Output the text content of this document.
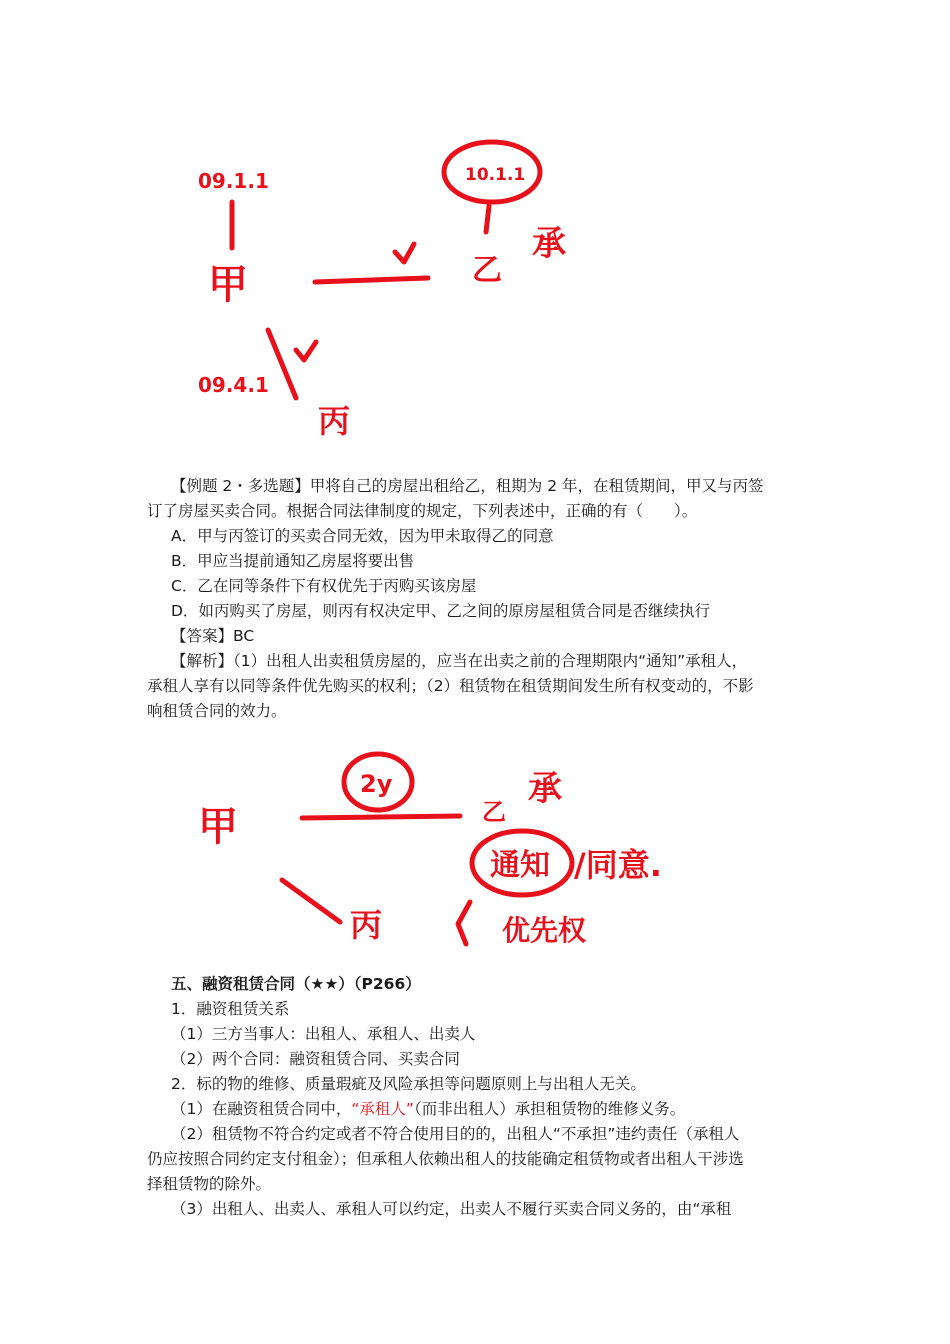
09.1.1
甲
10.1.1
乙
承
09.4.1
丙

【例题 2・多选题】甲将自己的房屋出租给乙，租期为 2 年，在租赁期间，甲又与丙签

订了房屋买卖合同。根据合同法律制度的规定，下列表述中，正确的有（　　）。

A．甲与丙签订的买卖合同无效，因为甲未取得乙的同意

B．甲应当提前通知乙房屋将要出售

C．乙在同等条件下有权优先于丙购买该房屋

D．如丙购买了房屋，则丙有权决定甲、乙之间的原房屋租赁合同是否继续执行

【答案】BC

【解析】（1）出租人出卖租赁房屋的，应当在出卖之前的合理期限内“通知”承租人，

承租人享有以同等条件优先购买的权利；（2）租赁物在租赁期间发生所有权变动的，不影

响租赁合同的效力。

甲
2y
乙
承
通知 /同意.
丙	优先权

五、融资租赁合同（★★）（P266）

1．融资租赁关系

（1）三方当事人：出租人、承租人、出卖人

（2）两个合同：融资租赁合同、买卖合同

2．标的物的维修、质量瑕疵及风险承担等问题原则上与出租人无关。

（1）在融资租赁合同中，“承租人”（而非出租人）承担租赁物的维修义务。

（2）租赁物不符合约定或者不符合使用目的的，出租人“不承担”违约责任（承租人

仍应按照合同约定支付租金）；但承租人依赖出租人的技能确定租赁物或者出租人干涉选

择租赁物的除外。

（3）出租人、出卖人、承租人可以约定，出卖人不履行买卖合同义务的，由“承租
